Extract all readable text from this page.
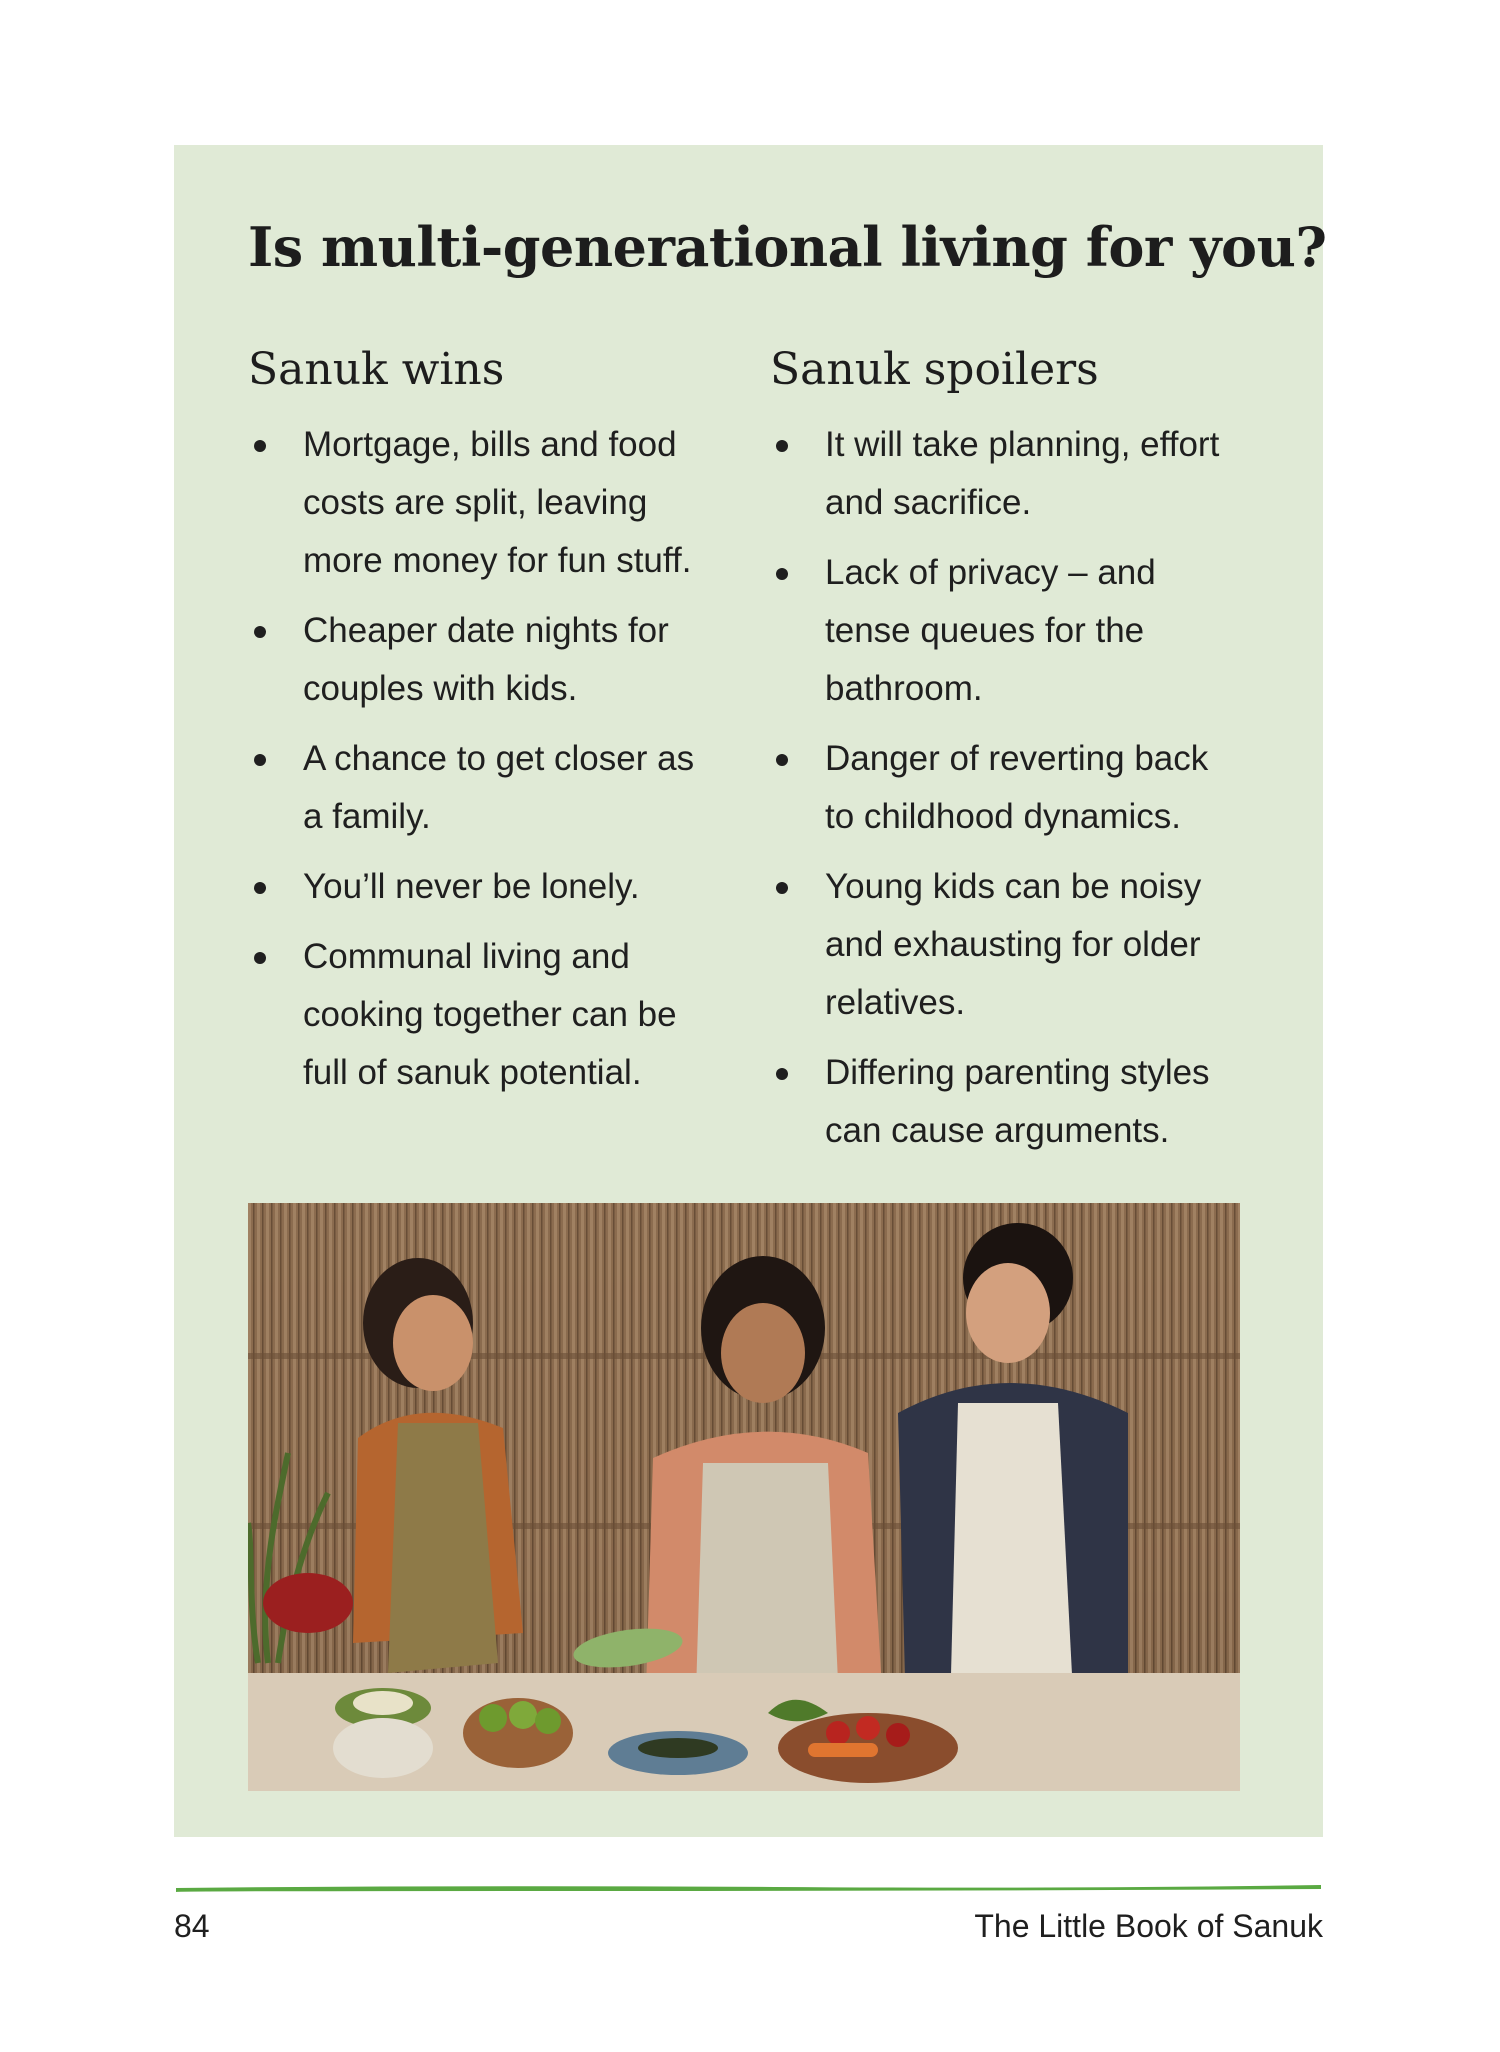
Is multi-generational living for you?
Sanuk wins
Mortgage, bills and food costs are split, leaving more money for fun stuff.
Cheaper date nights for couples with kids.
A chance to get closer as a family.
You’ll never be lonely.
Communal living and cooking together can be full of sanuk potential.
Sanuk spoilers
It will take planning, effort and sacrifice.
Lack of privacy – and tense queues for the bathroom.
Danger of reverting back to childhood dynamics.
Young kids can be noisy and exhausting for older relatives.
Differing parenting styles can cause arguments.
84	The Little Book of Sanuk
